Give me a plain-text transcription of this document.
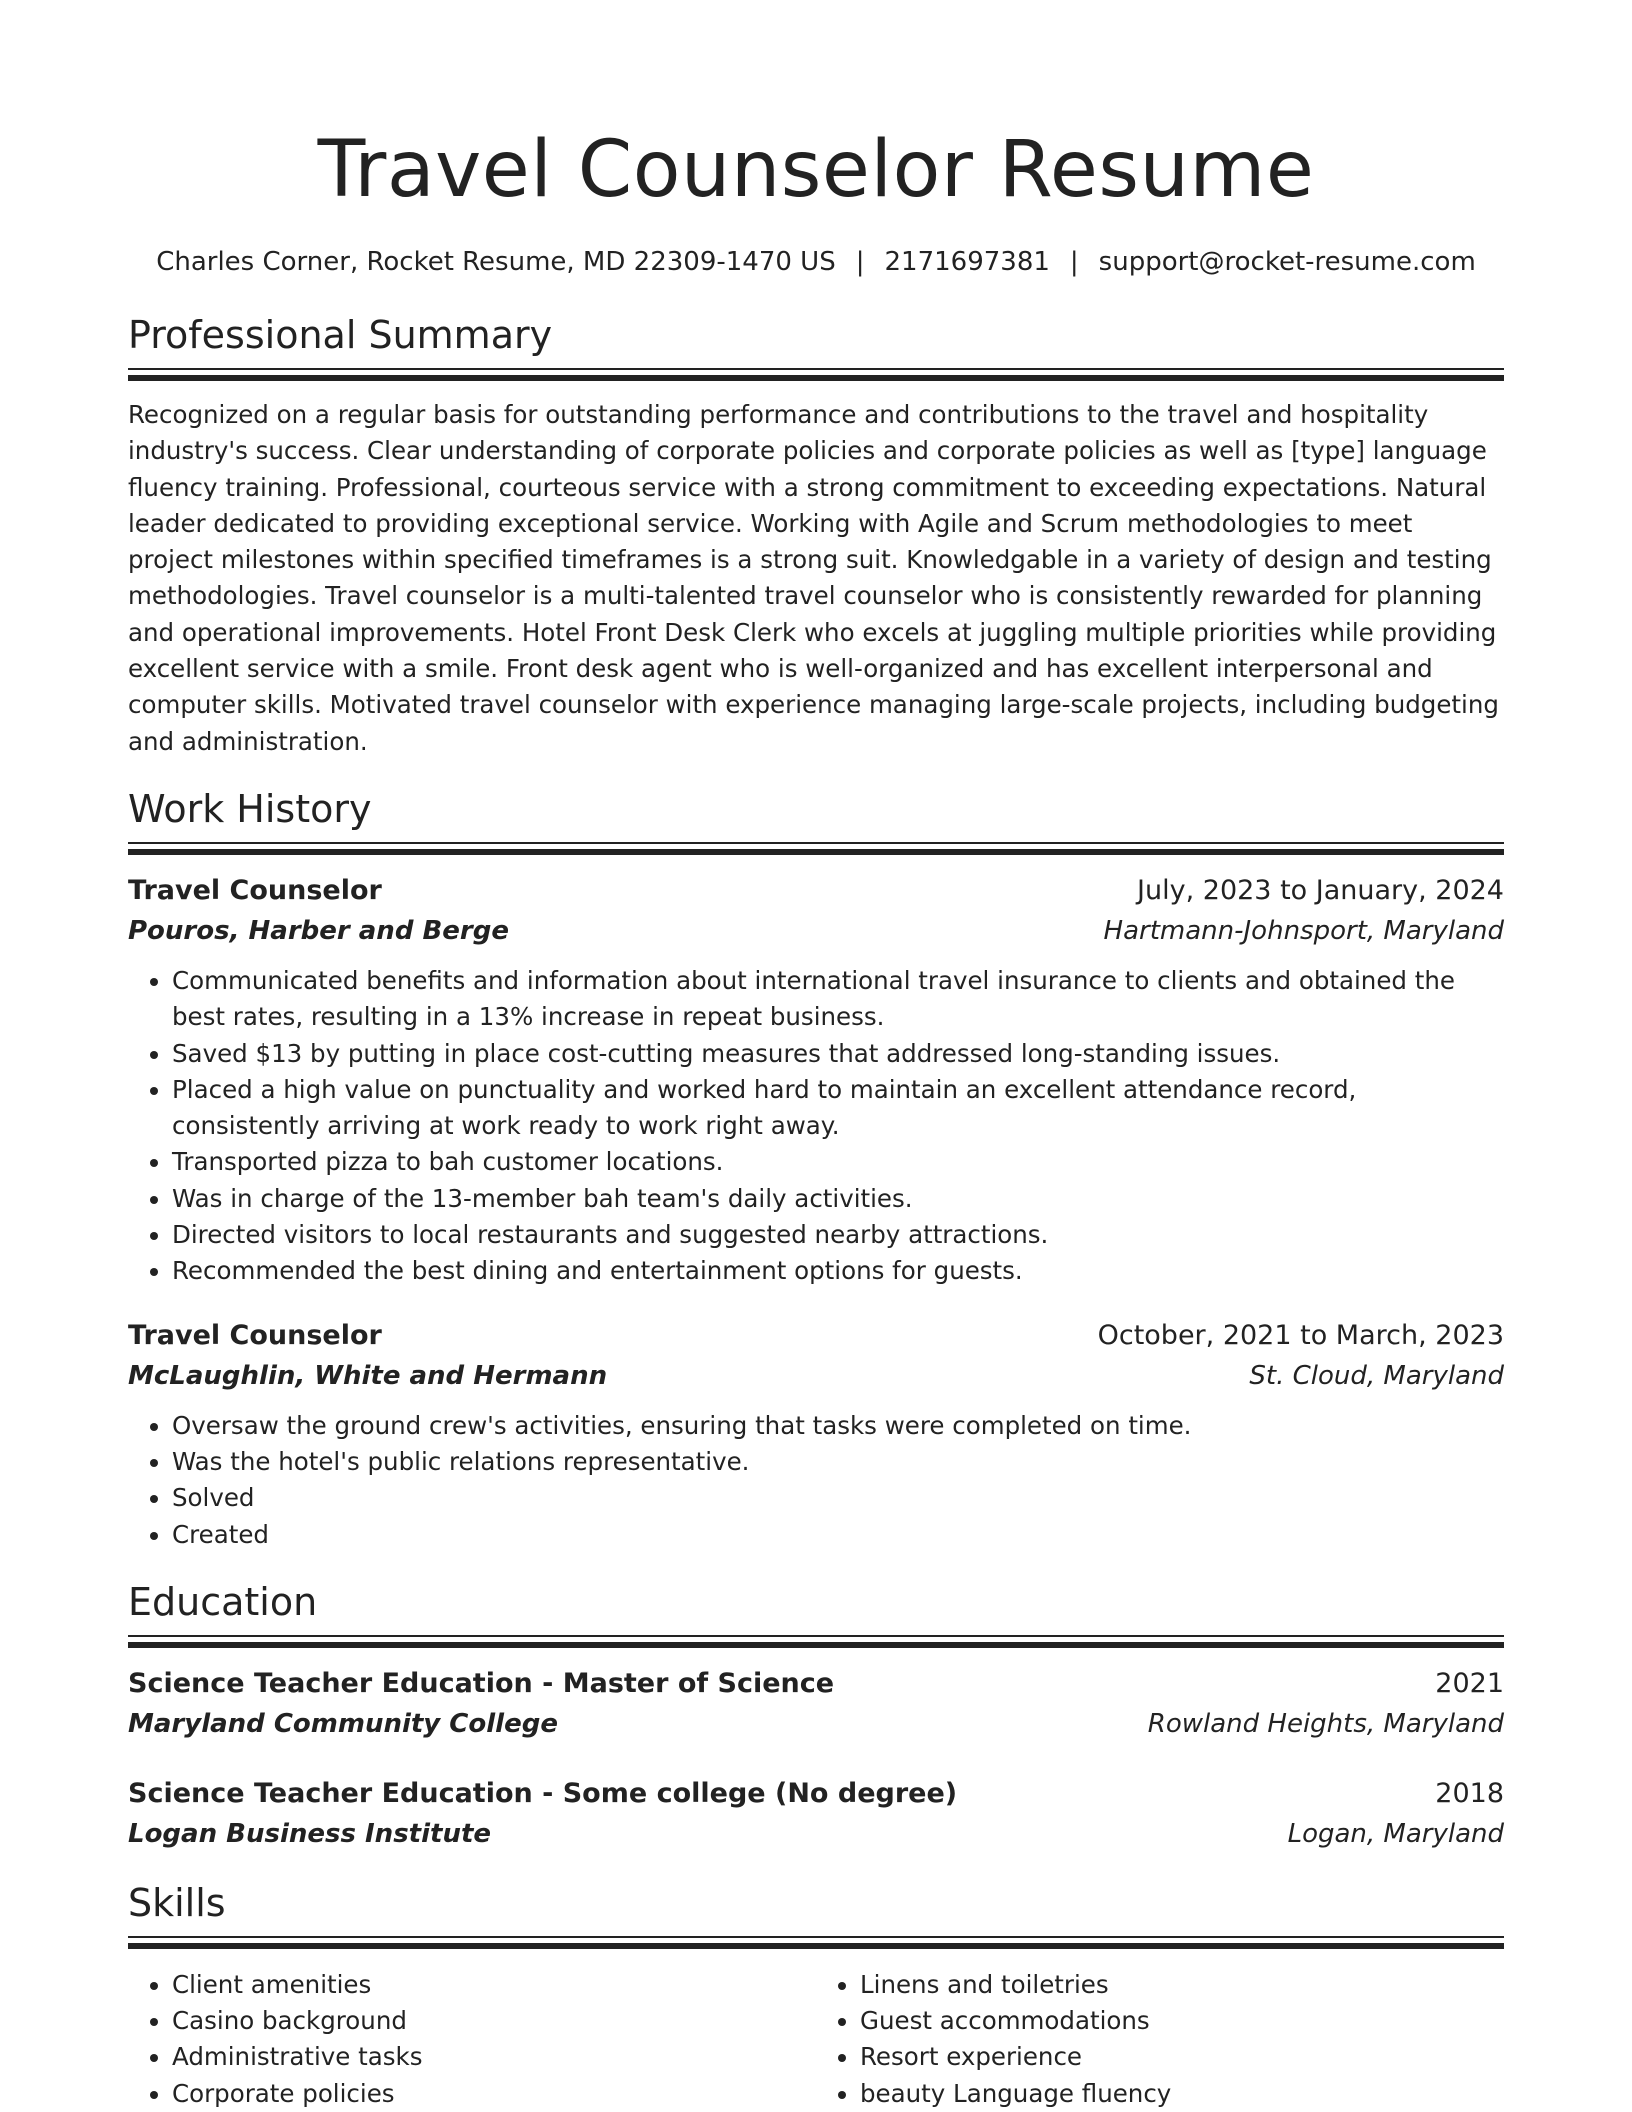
Travel Counselor Resume
Charles Corner, Rocket Resume, MD 22309-1470 US | 2171697381 | support@rocket-resume.com
Professional Summary

Recognized on a regular basis for outstanding performance and contributions to the travel and hospitality industry's success. Clear understanding of corporate policies and corporate policies as well as [type] language fluency training. Professional, courteous service with a strong commitment to exceeding expectations. Natural leader dedicated to providing exceptional service. Working with Agile and Scrum methodologies to meet project milestones within specified timeframes is a strong suit. Knowledgable in a variety of design and testing methodologies. Travel counselor is a multi-talented travel counselor who is consistently rewarded for planning and operational improvements. Hotel Front Desk Clerk who excels at juggling multiple priorities while providing excellent service with a smile. Front desk agent who is well-organized and has excellent interpersonal and computer skills. Motivated travel counselor with experience managing large-scale projects, including budgeting and administration.

Work History
Travel Counselor	July, 2023 to January, 2024
Pouros, Harber and Berge	Hartmann-Johnsport, Maryland
• Communicated benefits and information about international travel insurance to clients and obtained the best rates, resulting in a 13% increase in repeat business.
• Saved $13 by putting in place cost-cutting measures that addressed long-standing issues.
• Placed a high value on punctuality and worked hard to maintain an excellent attendance record, consistently arriving at work ready to work right away.
• Transported pizza to bah customer locations.
• Was in charge of the 13-member bah team's daily activities.
• Directed visitors to local restaurants and suggested nearby attractions.
• Recommended the best dining and entertainment options for guests.
Travel Counselor	October, 2021 to March, 2023
McLaughlin, White and Hermann	St. Cloud, Maryland
• Oversaw the ground crew's activities, ensuring that tasks were completed on time.
• Was the hotel's public relations representative.
• Solved
• Created
Education
Science Teacher Education - Master of Science	2021
Maryland Community College	Rowland Heights, Maryland
Science Teacher Education - Some college (No degree)	2018
Logan Business Institute	Logan, Maryland
Skills
• Client amenities
• Casino background
• Administrative tasks
• Corporate policies
• Linens and toiletries
• Guest accommodations
• Resort experience
• beauty Language fluency
